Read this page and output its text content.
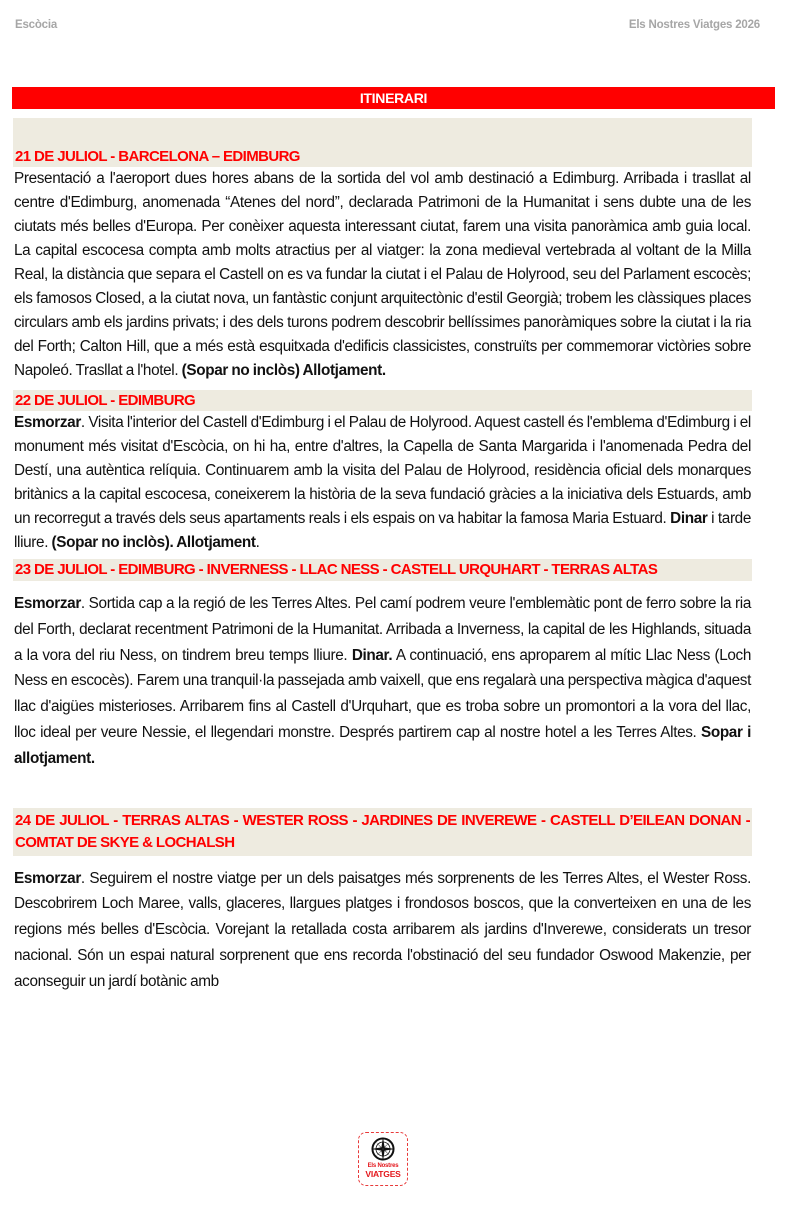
Escòcia	Els Nostres Viatges 2026
ITINERARI
21 DE JULIOL - BARCELONA – EDIMBURG

Presentació a l'aeroport dues hores abans de la sortida del vol amb destinació a Edimburg. Arribada i trasllat al centre d'Edimburg, anomenada “Atenes del nord”, declarada Patrimoni de la Humanitat i sens dubte una de les ciutats més belles d'Europa. Per conèixer aquesta interessant ciutat, farem una visita panoràmica amb guia local. La capital escocesa compta amb molts atractius per al viatger: la zona medieval vertebrada al voltant de la Milla Real, la distància que separa el Castell on es va fundar la ciutat i el Palau de Holyrood, seu del Parlament escocès; els famosos Closed, a la ciutat nova, un fantàstic conjunt arquitectònic d'estil Georgià; trobem les clàssiques places circulars amb els jardins privats; i des dels turons podrem descobrir bellíssimes panoràmiques sobre la ciutat i la ria del Forth; Calton Hill, que a més està esquitxada d'edificis classicistes, construïts per commemorar victòries sobre Napoleó. Trasllat a l'hotel. (Sopar no inclòs) Allotjament.

22 DE JULIOL - EDIMBURG

Esmorzar. Visita l'interior del Castell d'Edimburg i el Palau de Holyrood. Aquest castell és l'emblema d'Edimburg i el monument més visitat d'Escòcia, on hi ha, entre d'altres, la Capella de Santa Margarida i l'anomenada Pedra del Destí, una autèntica relíquia. Continuarem amb la visita del Palau de Holyrood, residència oficial dels monarques britànics a la capital escocesa, coneixerem la història de la seva fundació gràcies a la iniciativa dels Estuards, amb un recorregut a través dels seus apartaments reals i els espais on va habitar la famosa Maria Estuard. Dinar i tarde lliure. (Sopar no inclòs). Allotjament.

23 DE JULIOL - EDIMBURG - INVERNESS - LLAC NESS - CASTELL URQUHART - TERRAS ALTAS

Esmorzar. Sortida cap a la regió de les Terres Altes. Pel camí podrem veure l'emblemàtic pont de ferro sobre la ria del Forth, declarat recentment Patrimoni de la Humanitat. Arribada a Inverness, la capital de les Highlands, situada a la vora del riu Ness, on tindrem breu temps lliure. Dinar. A continuació, ens aproparem al mític Llac Ness (Loch Ness en escocès). Farem una tranquil·la passejada amb vaixell, que ens regalarà una perspectiva màgica d'aquest llac d'aigües misterioses. Arribarem fins al Castell d'Urquhart, que es troba sobre un promontori a la vora del llac, lloc ideal per veure Nessie, el llegendari monstre. Després partirem cap al nostre hotel a les Terres Altes. Sopar i allotjament.

24 DE JULIOL - TERRAS ALTAS - WESTER ROSS - JARDINES DE INVEREWE - CASTELL D’EILEAN DONAN - COMTAT DE SKYE & LOCHALSH

Esmorzar. Seguirem el nostre viatge per un dels paisatges més sorprenents de les Terres Altes, el Wester Ross. Descobrirem Loch Maree, valls, glaceres, llargues platges i frondosos boscos, que la converteixen en una de les regions més belles d'Escòcia. Vorejant la retallada costa arribarem als jardins d'Inverewe, considerats un tresor nacional. Són un espai natural sorprenent que ens recorda l'obstinació del seu fundador Oswood Makenzie, per aconseguir un jardí botànic amb

Els Nostres
VIATGES
